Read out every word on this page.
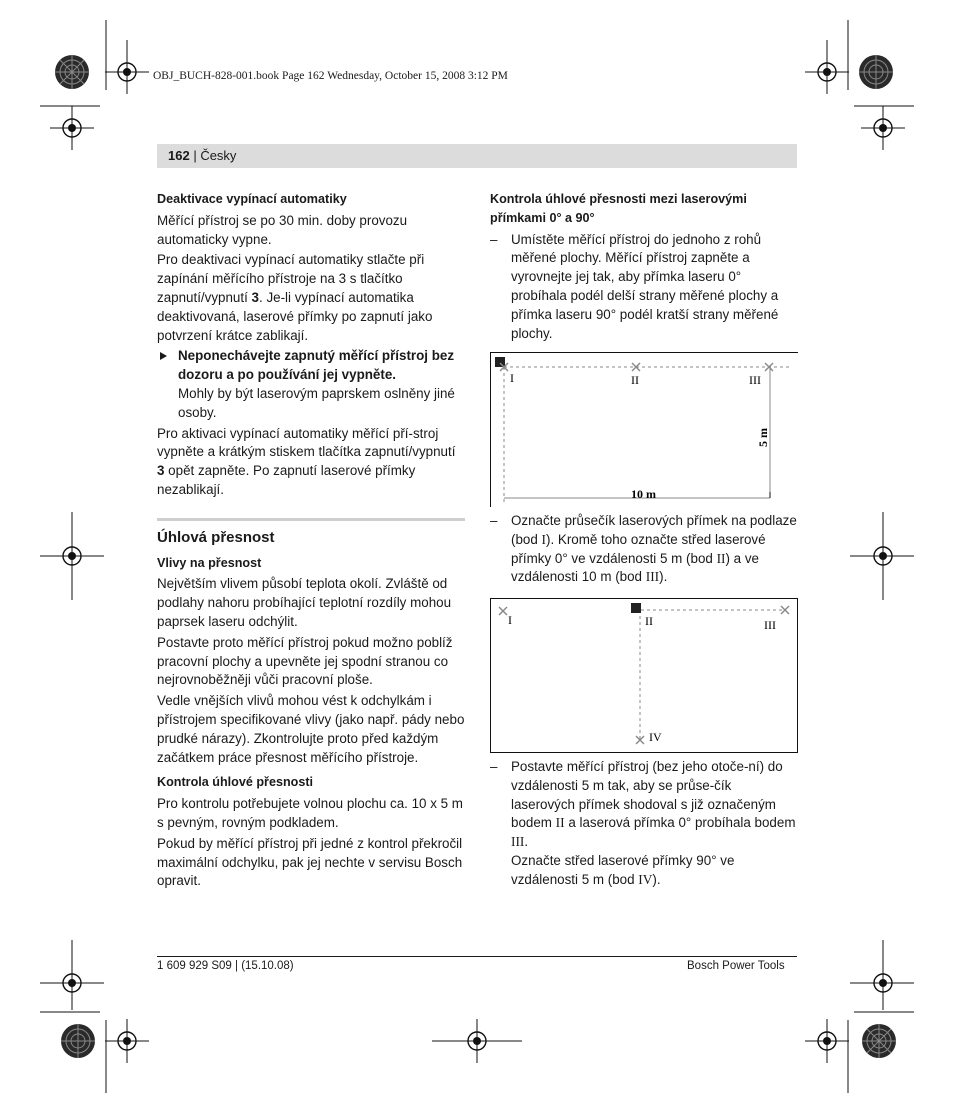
OBJ_BUCH-828-001.book Page 162 Wednesday, October 15, 2008 3:12 PM
162 | Česky

Deaktivace vypínací automatiky

Měřící přístroj se po 30 min. doby provozu automaticky vypne.

Pro deaktivaci vypínací automatiky stlačte při zapínání měřícího přístroje na 3 s tlačítko zapnutí/vypnutí 3. Je-li vypínací automatika deaktivovaná, laserové přímky po zapnutí jako potvrzení krátce zablikají.

Neponechávejte zapnutý měřící přístroj bez dozoru a po používání jej vypněte.
Mohly by být laserovým paprskem oslněny jiné osoby.

Pro aktivaci vypínací automatiky měřící pří-stroj vypněte a krátkým stiskem tlačítka zapnutí/vypnutí 3 opět zapněte. Po zapnutí laserové přímky nezablikají.

Úhlová přesnost

Vlivy na přesnost

Největším vlivem působí teplota okolí. Zvláště od podlahy nahoru probíhající teplotní rozdíly mohou paprsek laseru odchýlit.

Postavte proto měřící přístroj pokud možno poblíž pracovní plochy a upevněte jej spodní stranou co nejrovnoběžněji vůči pracovní ploše.

Vedle vnějších vlivů mohou vést k odchylkám i přístrojem specifikované vlivy (jako např. pády nebo prudké nárazy). Zkontrolujte proto před každým začátkem práce přesnost měřícího přístroje.

Kontrola úhlové přesnosti

Pro kontrolu potřebujete volnou plochu ca. 10 x 5 m s pevným, rovným podkladem.

Pokud by měřící přístroj při jedné z kontrol překročil maximální odchylku, pak jej nechte v servisu Bosch opravit.

Kontrola úhlové přesnosti mezi laserovými přímkami 0° a 90°

– Umístěte měřící přístroj do jednoho z rohů měřené plochy. Měřící přístroj zapněte a vyrovnejte jej tak, aby přímka laseru 0° probíhala podél delší strany měřené plochy a přímka laseru 90° podél kratší strany měřené plochy.
I	II	III
5 m
10 m
– Označte průsečík laserových přímek na podlaze (bod I). Kromě toho označte střed laserové přímky 0° ve vzdálenosti 5 m (bod II) a ve vzdálenosti 10 m (bod III).
I	II	III
IV
– Postavte měřící přístroj (bez jeho otoče-ní) do vzdálenosti 5 m tak, aby se průse-čík laserových přímek shodoval s již označeným bodem II a laserová přímka 0° probíhala bodem III.
Označte střed laserové přímky 90° ve vzdálenosti 5 m (bod IV).
1 609 929 S09 | (15.10.08)	Bosch Power Tools
